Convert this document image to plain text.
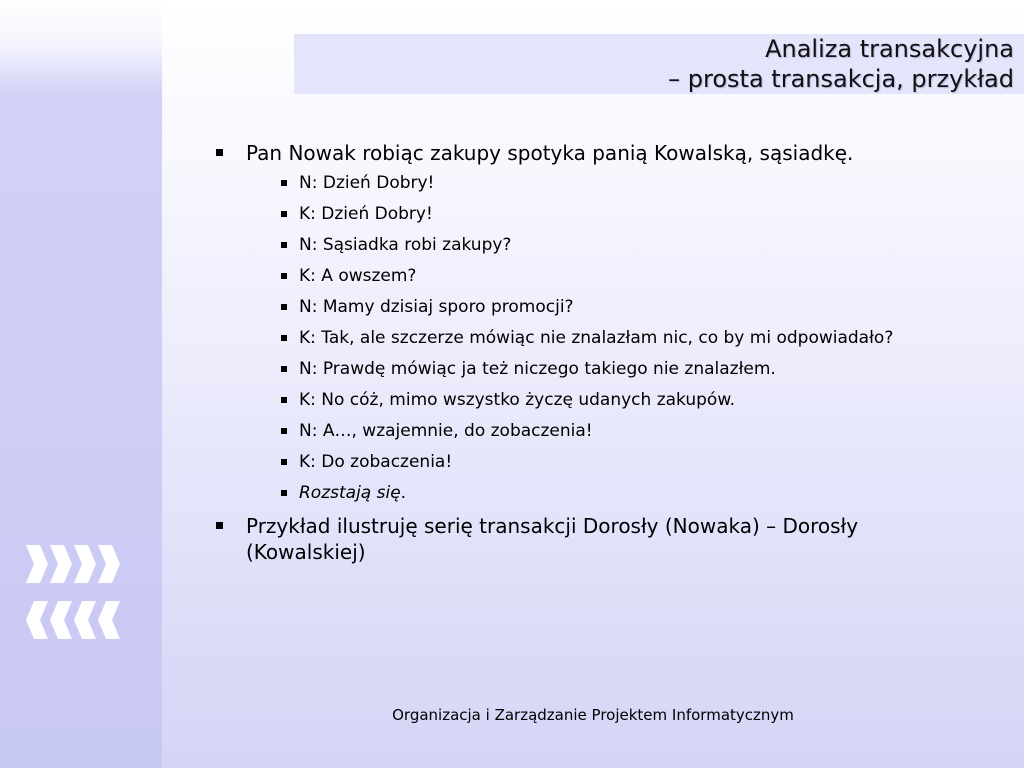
Analiza transakcyjna
– prosta transakcja, przykład
Pan Nowak robiąc zakupy spotyka panią Kowalską, sąsiadkę.
N: Dzień Dobry!
K: Dzień Dobry!
N: Sąsiadka robi zakupy?
K: A owszem?
N: Mamy dzisiaj sporo promocji?
K: Tak, ale szczerze mówiąc nie znalazłam nic, co by mi odpowiadało?
N: Prawdę mówiąc ja też niczego takiego nie znalazłem.
K: No cóż, mimo wszystko życzę udanych zakupów.
N: A…, wzajemnie, do zobaczenia!
K: Do zobaczenia!
Rozstają się.
Przykład ilustruję serię transakcji Dorosły (Nowaka) – Dorosły (Kowalskiej)
Organizacja i Zarządzanie Projektem Informatycznym
